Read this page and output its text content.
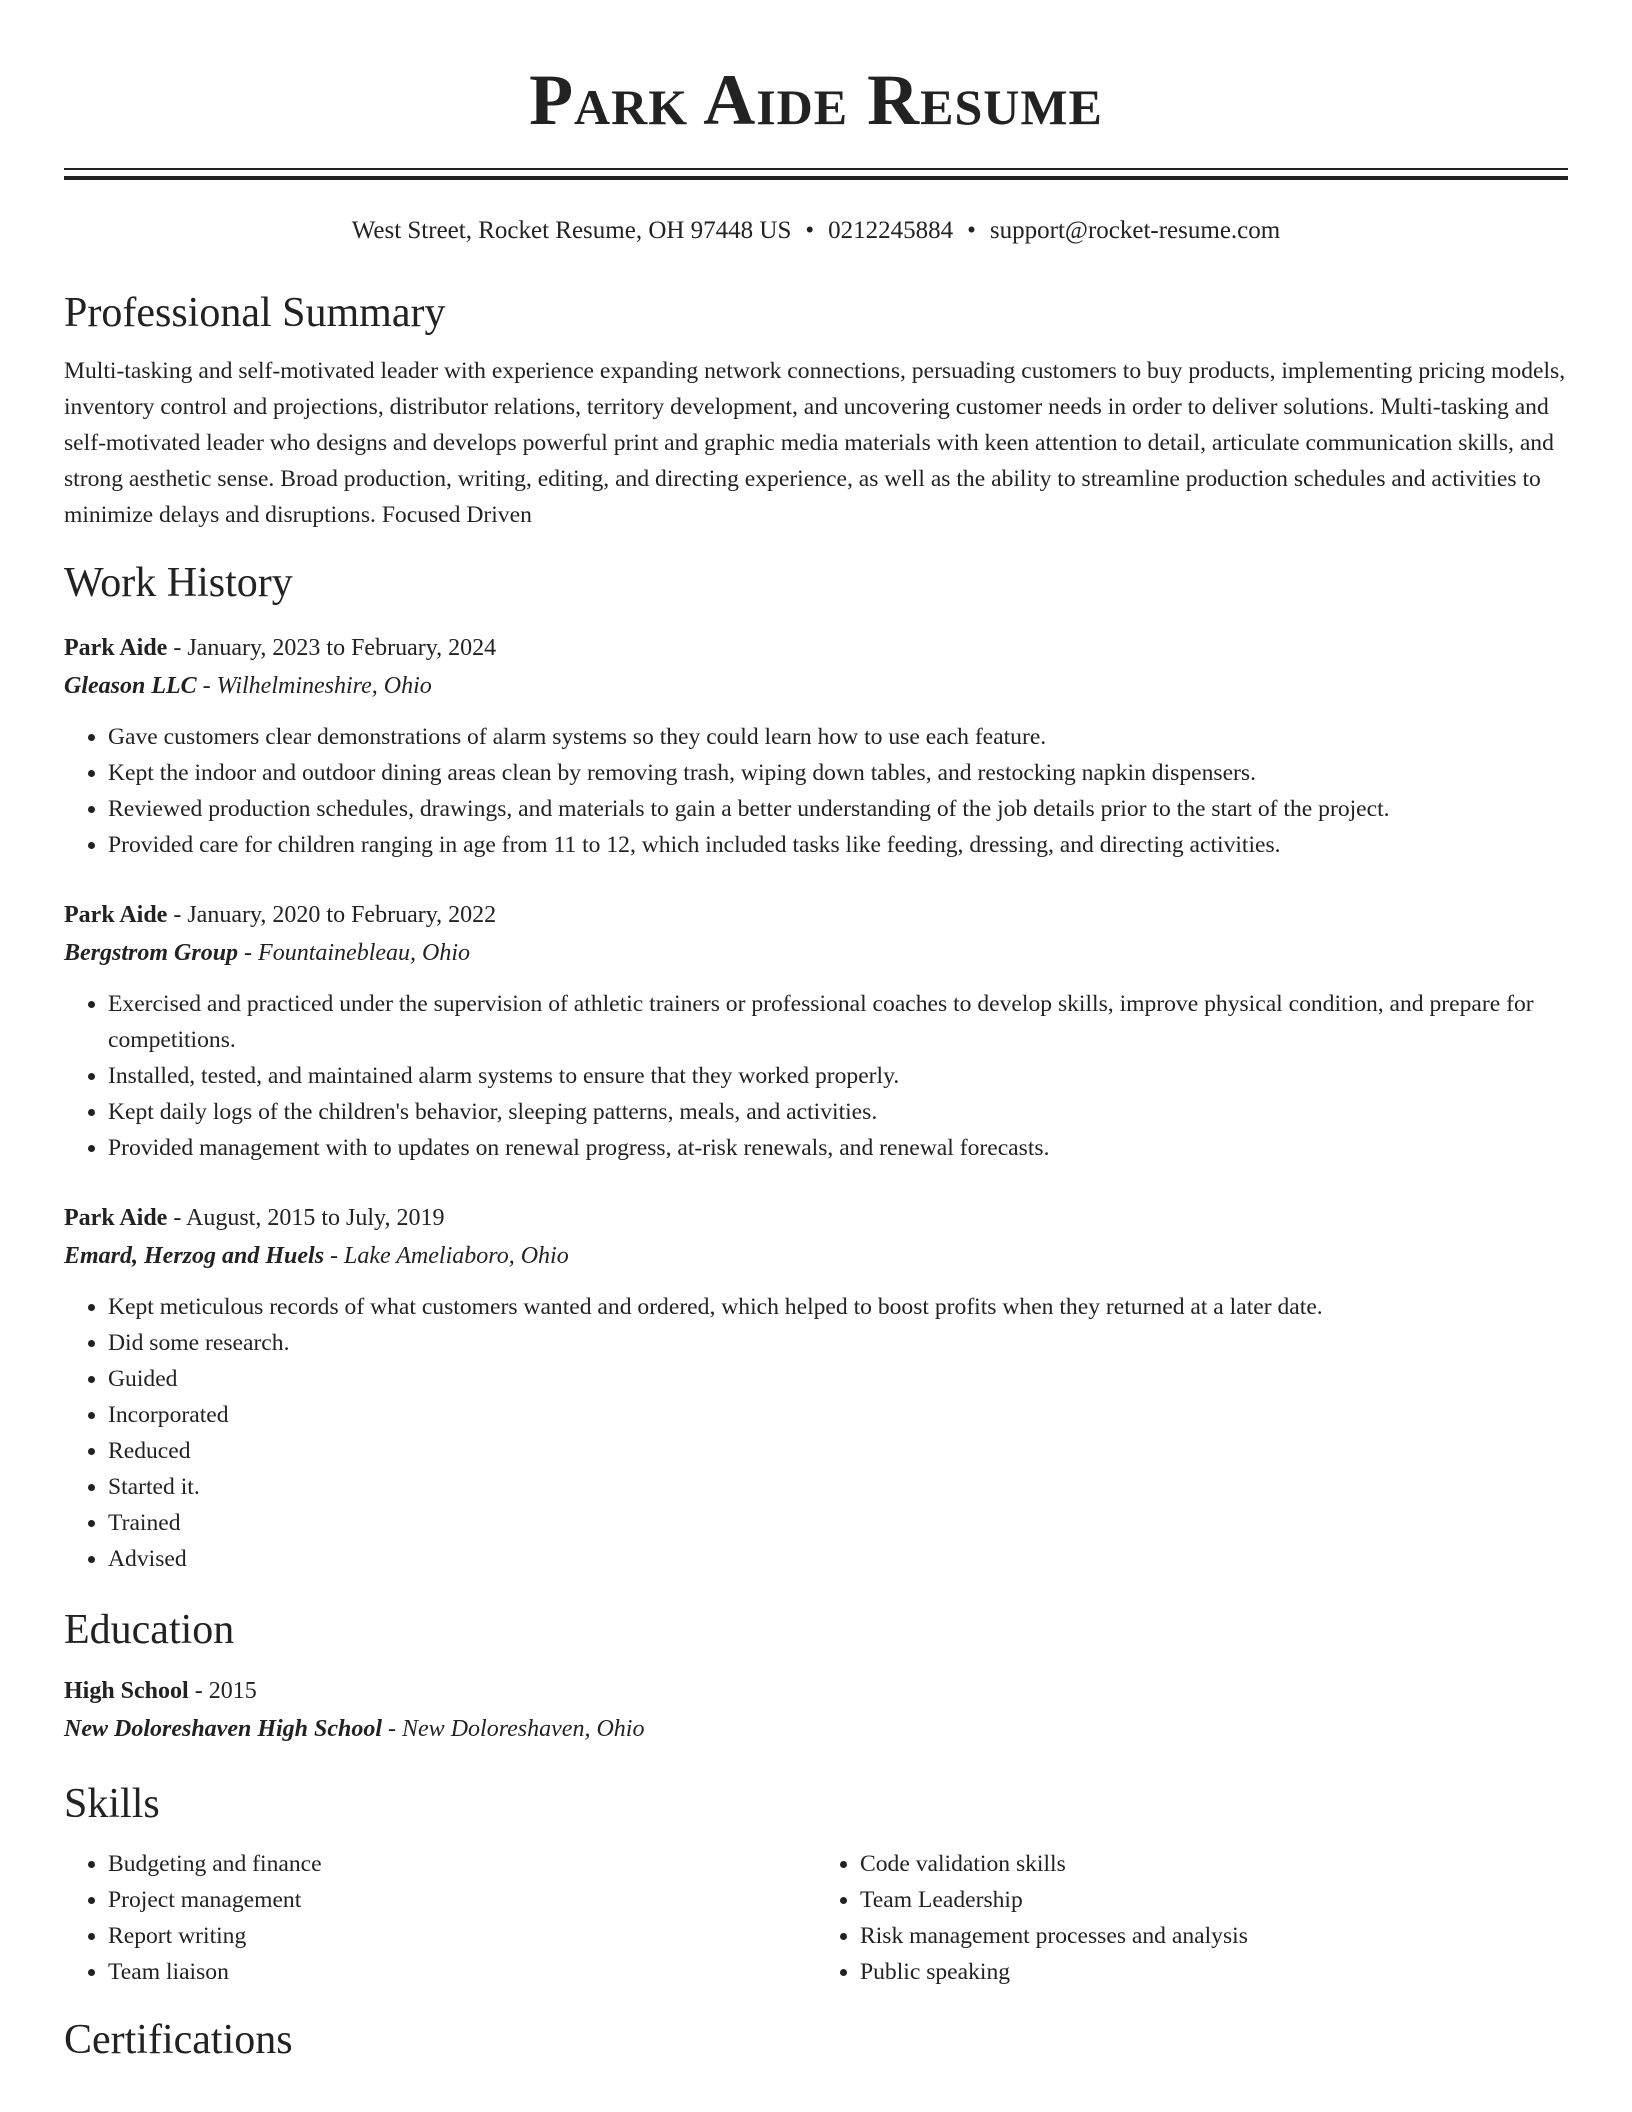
Park Aide Resume
West Street, Rocket Resume, OH 97448 US • 0212245884 • support@rocket-resume.com
Professional Summary
Multi-tasking and self-motivated leader with experience expanding network connections, persuading customers to buy products, implementing pricing models, inventory control and projections, distributor relations, territory development, and uncovering customer needs in order to deliver solutions. Multi-tasking and self-motivated leader who designs and develops powerful print and graphic media materials with keen attention to detail, articulate communication skills, and strong aesthetic sense. Broad production, writing, editing, and directing experience, as well as the ability to streamline production schedules and activities to minimize delays and disruptions. Focused Driven
Work History
Park Aide - January, 2023 to February, 2024
Gleason LLC - Wilhelmineshire, Ohio
• Gave customers clear demonstrations of alarm systems so they could learn how to use each feature.
• Kept the indoor and outdoor dining areas clean by removing trash, wiping down tables, and restocking napkin dispensers.
• Reviewed production schedules, drawings, and materials to gain a better understanding of the job details prior to the start of the project.
• Provided care for children ranging in age from 11 to 12, which included tasks like feeding, dressing, and directing activities.
Park Aide - January, 2020 to February, 2022
Bergstrom Group - Fountainebleau, Ohio
• Exercised and practiced under the supervision of athletic trainers or professional coaches to develop skills, improve physical condition, and prepare for competitions.
• Installed, tested, and maintained alarm systems to ensure that they worked properly.
• Kept daily logs of the children's behavior, sleeping patterns, meals, and activities.
• Provided management with to updates on renewal progress, at-risk renewals, and renewal forecasts.
Park Aide - August, 2015 to July, 2019
Emard, Herzog and Huels - Lake Ameliaboro, Ohio
• Kept meticulous records of what customers wanted and ordered, which helped to boost profits when they returned at a later date.
• Did some research.
• Guided
• Incorporated
• Reduced
• Started it.
• Trained
• Advised
Education
High School - 2015
New Doloreshaven High School - New Doloreshaven, Ohio
Skills
• Budgeting and finance
• Project management
• Report writing
• Team liaison
• Code validation skills
• Team Leadership
• Risk management processes and analysis
• Public speaking
Certifications
